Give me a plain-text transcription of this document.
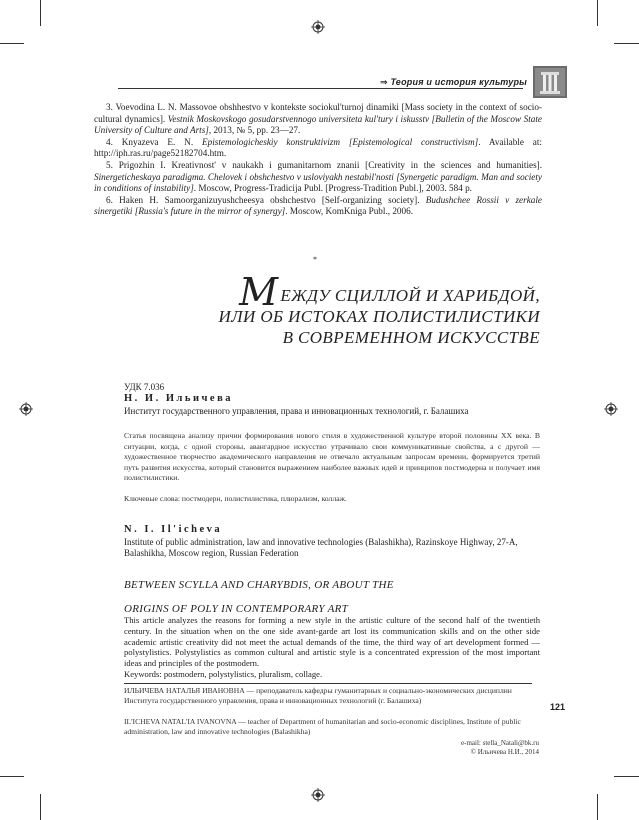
⇒ Теория и история культуры

3. Voevodina L. N. Massovoe obshhestvo v kontekste sociokul'turnoj dinamiki [Mass society in the context of socio-cultural dynamics]. Vestnik Moskovskogo gosudarstvennogo universiteta kul'tury i iskusstv [Bulletin of the Moscow State University of Culture and Arts], 2013, № 5, pp. 23—27.

4. Knyazeva E. N. Epistemologicheskiy konstruktivizm [Epistemological constructivism]. Available at: http://iph.ras.ru/page52182704.htm.

5. Prigozhin I. Kreativnost' v naukakh i gumanitarnom znanii [Creativity in the sciences and humanities]. Sinergeticheskaya paradigma. Chelovek i obshchestvo v usloviyakh nestabil'nosti [Synergetic paradigm. Man and society in conditions of instability]. Moscow, Progress-Tradicija Publ. [Progress-Tradition Publ.], 2003. 584 p.

6. Haken H. Samoorganizuyushcheesya obshchestvo [Self-organizing society]. Budushchee Rossii v zerkale sinergetiki [Russia's future in the mirror of synergy]. Moscow, KomKniga Publ., 2006.

*
МЕЖДУ СЦИЛЛОЙ И ХАРИБДОЙ,
ИЛИ ОБ ИСТОКАХ ПОЛИСТИЛИСТИКИ
В СОВРЕМЕННОМ ИСКУССТВЕ
УДК 7.036
Н. И. Ильичева
Институт государственного управления, права и инновационных технологий, г. Балашиха
Статья посвящена анализу причин формирования нового стиля в художественной культуре второй половины ХХ века. В ситуации, когда, с одной стороны, авангардное искусство утрачивало свои коммуникативные свойства, а с другой — художественное творчество академического направления не отвечало актуальным запросам времени, формируется третий путь развития искусства, который становится выражением наиболее важных идей и принципов постмодерна и получает имя полистилистики.
Ключевые слова: постмодерн, полистилистика, плюрализм, коллаж.
N. I. Il'icheva
Institute of public administration, law and innovative technologies (Balashikha), Razinskoye Highway, 27-A, Balashikha, Moscow region, Russian Federation
BETWEEN SCYLLA AND CHARYBDIS, OR ABOUT THE
ORIGINS OF POLY IN CONTEMPORARY ART
This article analyzes the reasons for forming a new style in the artistic culture of the second half of the twentieth century. In the situation when on the one side avant-garde art lost its communication skills and on the other side academic artistic creativity did not meet the actual demands of the time, the third way of art development formed — polystylistics. Polystylistics as common cultural and artistic style is a concentrated expression of the most important ideas and principles of the postmodern.
Keywords: postmodern, polystylistics, pluralism, collage.
ИЛЬИЧЕВА НАТАЛЬЯ ИВАНОВНА — преподаватель кафедры гуманитарных и социально-экономических дисциплин Института государственного управления, права и инновационных технологий (г. Балашиха)
IL'ICHEVA NATAL'IA IVANOVNA — teacher of Department of humanitarian and socio-economic disciplines, Institute of public administration, law and innovative technologies (Balashikha)
e-mail: stella_Natali@bk.ru
© Ильичева Н.И., 2014
121
